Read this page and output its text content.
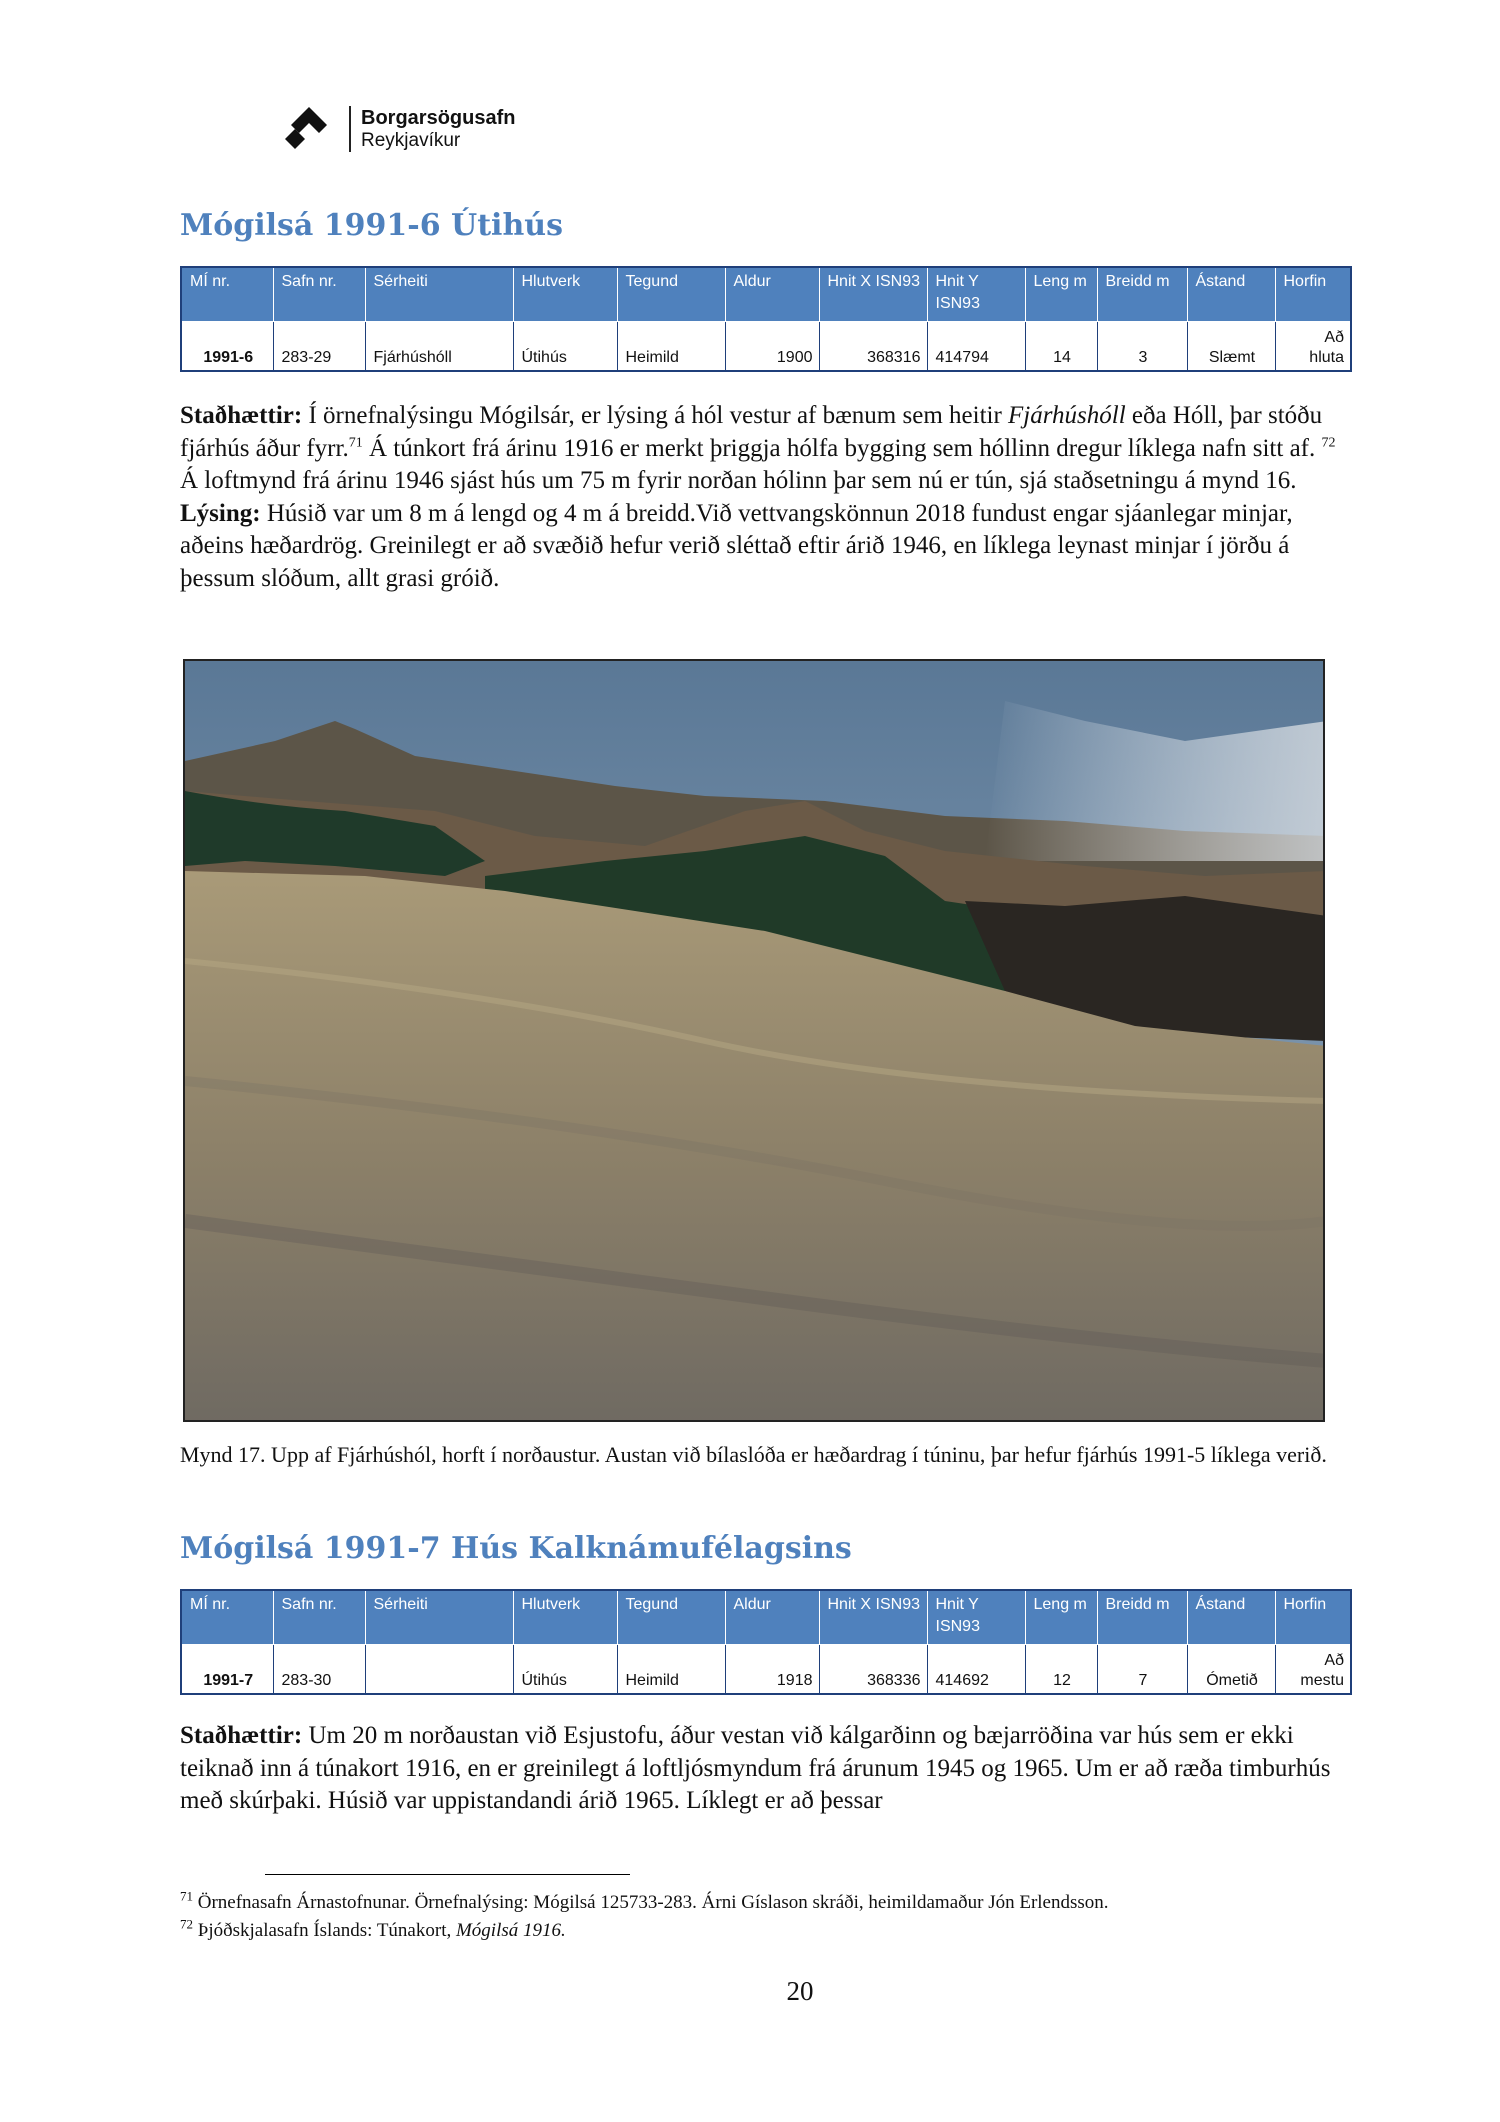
Borgarsögusafn
Reykjavíkur
Mógilsá 1991-6 Útihús
MÍ nr.	Safn nr.	Sérheiti	Hlutverk	Tegund	Aldur	Hnit X ISN93	Hnit Y ISN93	Leng m	Breidd m	Ástand	Horfin
1991-6	283-29	Fjárhúshóll	Útihús	Heimild	1900	368316	414794	14	3	Slæmt	Að
hluta

Staðhættir: Í örnefnalýsingu Mógilsár, er lýsing á hól vestur af bænum sem heitir Fjárhúshóll eða Hóll, þar stóðu fjárhús áður fyrr.$^{71}$ Á túnkort frá árinu 1916 er merkt þriggja hólfa bygging sem hóllinn dregur líklega nafn sitt af. $^{72}$ Á loftmynd frá árinu 1946 sjást hús um 75 m fyrir norðan hólinn þar sem nú er tún, sjá staðsetningu á mynd 16.

Lýsing: Húsið var um 8 m á lengd og 4 m á breidd.Við vettvangskönnun 2018 fundust engar sjáanlegar minjar, aðeins hæðardrög. Greinilegt er að svæðið hefur verið sléttað eftir árið 1946, en líklega leynast minjar í jörðu á þessum slóðum, allt grasi gróið.

Mynd 17. Upp af Fjárhúshól, horft í norðaustur. Austan við bílaslóða er hæðardrag í túninu, þar hefur fjárhús 1991-5 líklega verið.

Mógilsá 1991-7 Hús Kalknámufélagsins
MÍ nr.	Safn nr.	Sérheiti	Hlutverk	Tegund	Aldur	Hnit X ISN93	Hnit Y ISN93	Leng m	Breidd m	Ástand	Horfin
1991-7	283-30		Útihús	Heimild	1918	368336	414692	12	7	Ómetið	Að
mestu

Staðhættir: Um 20 m norðaustan við Esjustofu, áður vestan við kálgarðinn og bæjarröðina var hús sem er ekki teiknað inn á túnakort 1916, en er greinilegt á loftljósmyndum frá árunum 1945 og 1965. Um er að ræða timburhús með skúrþaki. Húsið var uppistandandi árið 1965. Líklegt er að þessar

$^{71}$ Örnefnasafn Árnastofnunar. Örnefnalýsing: Mógilsá 125733-283. Árni Gíslason skráði, heimildamaður Jón Erlendsson.

$^{72}$ Þjóðskjalasafn Íslands: Túnakort, Mógilsá 1916.

20
